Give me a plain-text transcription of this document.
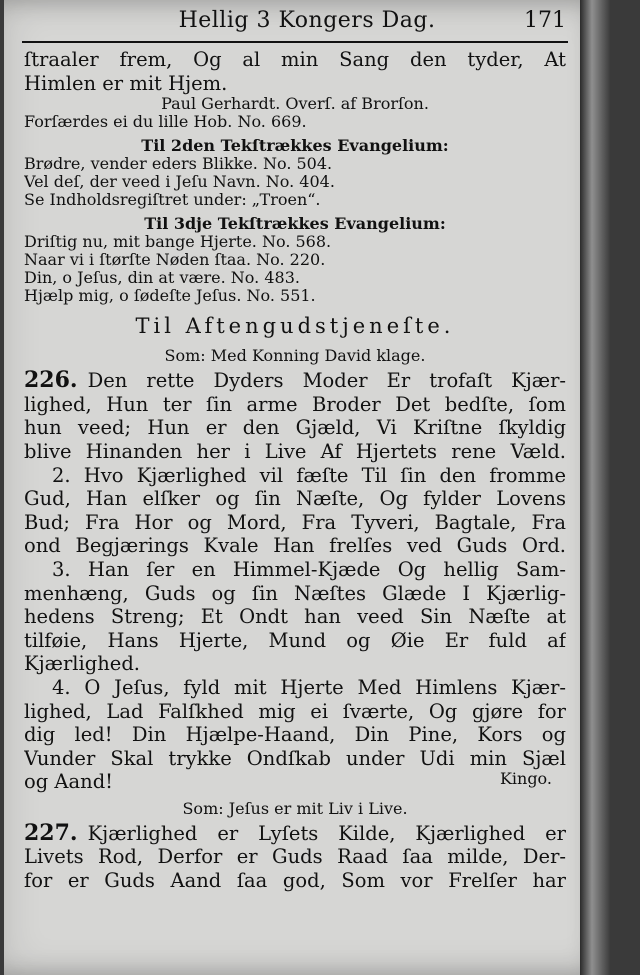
Hellig 3 Kongers Dag.	171
ſtraaler frem, Og al min Sang den tyder, At
Himlen er mit Hjem.
Paul Gerhardt. Overſ. af Brorſon.
Forſærdes ei du lille Hob. No. 669.
Til 2den Tekſtrækkes Evangelium:
Brødre, vender eders Blikke. No. 504.
Vel deſ, der veed i Jeſu Navn. No. 404.
Se Indholdsregiſtret under: „Troen“.
Til 3dje Tekſtrækkes Evangelium:
Driſtig nu, mit bange Hjerte. No. 568.
Naar vi i ſtørſte Nøden ſtaa. No. 220.
Din, o Jeſus, din at være. No. 483.
Hjælp mig, o ſødeſte Jeſus. No. 551.
Til Aftengudstjeneſte.
Som: Med Konning David klage.
226. Den rette Dyders Moder Er trofaſt Kjær-
lighed, Hun ter ſin arme Broder Det bedſte, ſom
hun veed; Hun er den Gjæld, Vi Kriſtne ſkyldig
blive Hinanden her i Live Af Hjertets rene Væld.
2. Hvo Kjærlighed vil fæſte Til ſin den fromme
Gud, Han elſker og ſin Næſte, Og fylder Lovens
Bud; Fra Hor og Mord, Fra Tyveri, Bagtale, Fra
ond Begjærings Kvale Han frelſes ved Guds Ord.
3. Han ſer en Himmel-Kjæde Og hellig Sam-
menhæng, Guds og ſin Næſtes Glæde I Kjærlig-
hedens Streng; Et Ondt han veed Sin Næſte at
tilføie, Hans Hjerte, Mund og Øie Er fuld af
Kjærlighed.
4. O Jeſus, fyld mit Hjerte Med Himlens Kjær-
lighed, Lad Falſkhed mig ei ſværte, Og gjøre for
dig led! Din Hjælpe-Haand, Din Pine, Kors og
Vunder Skal trykke Ondſkab under Udi min Sjæl
og Aand!	Kingo.
Som: Jeſus er mit Liv i Live.
227. Kjærlighed er Lyſets Kilde, Kjærlighed er
Livets Rod, Derfor er Guds Raad ſaa milde, Der-
for er Guds Aand ſaa god, Som vor Frelſer har
